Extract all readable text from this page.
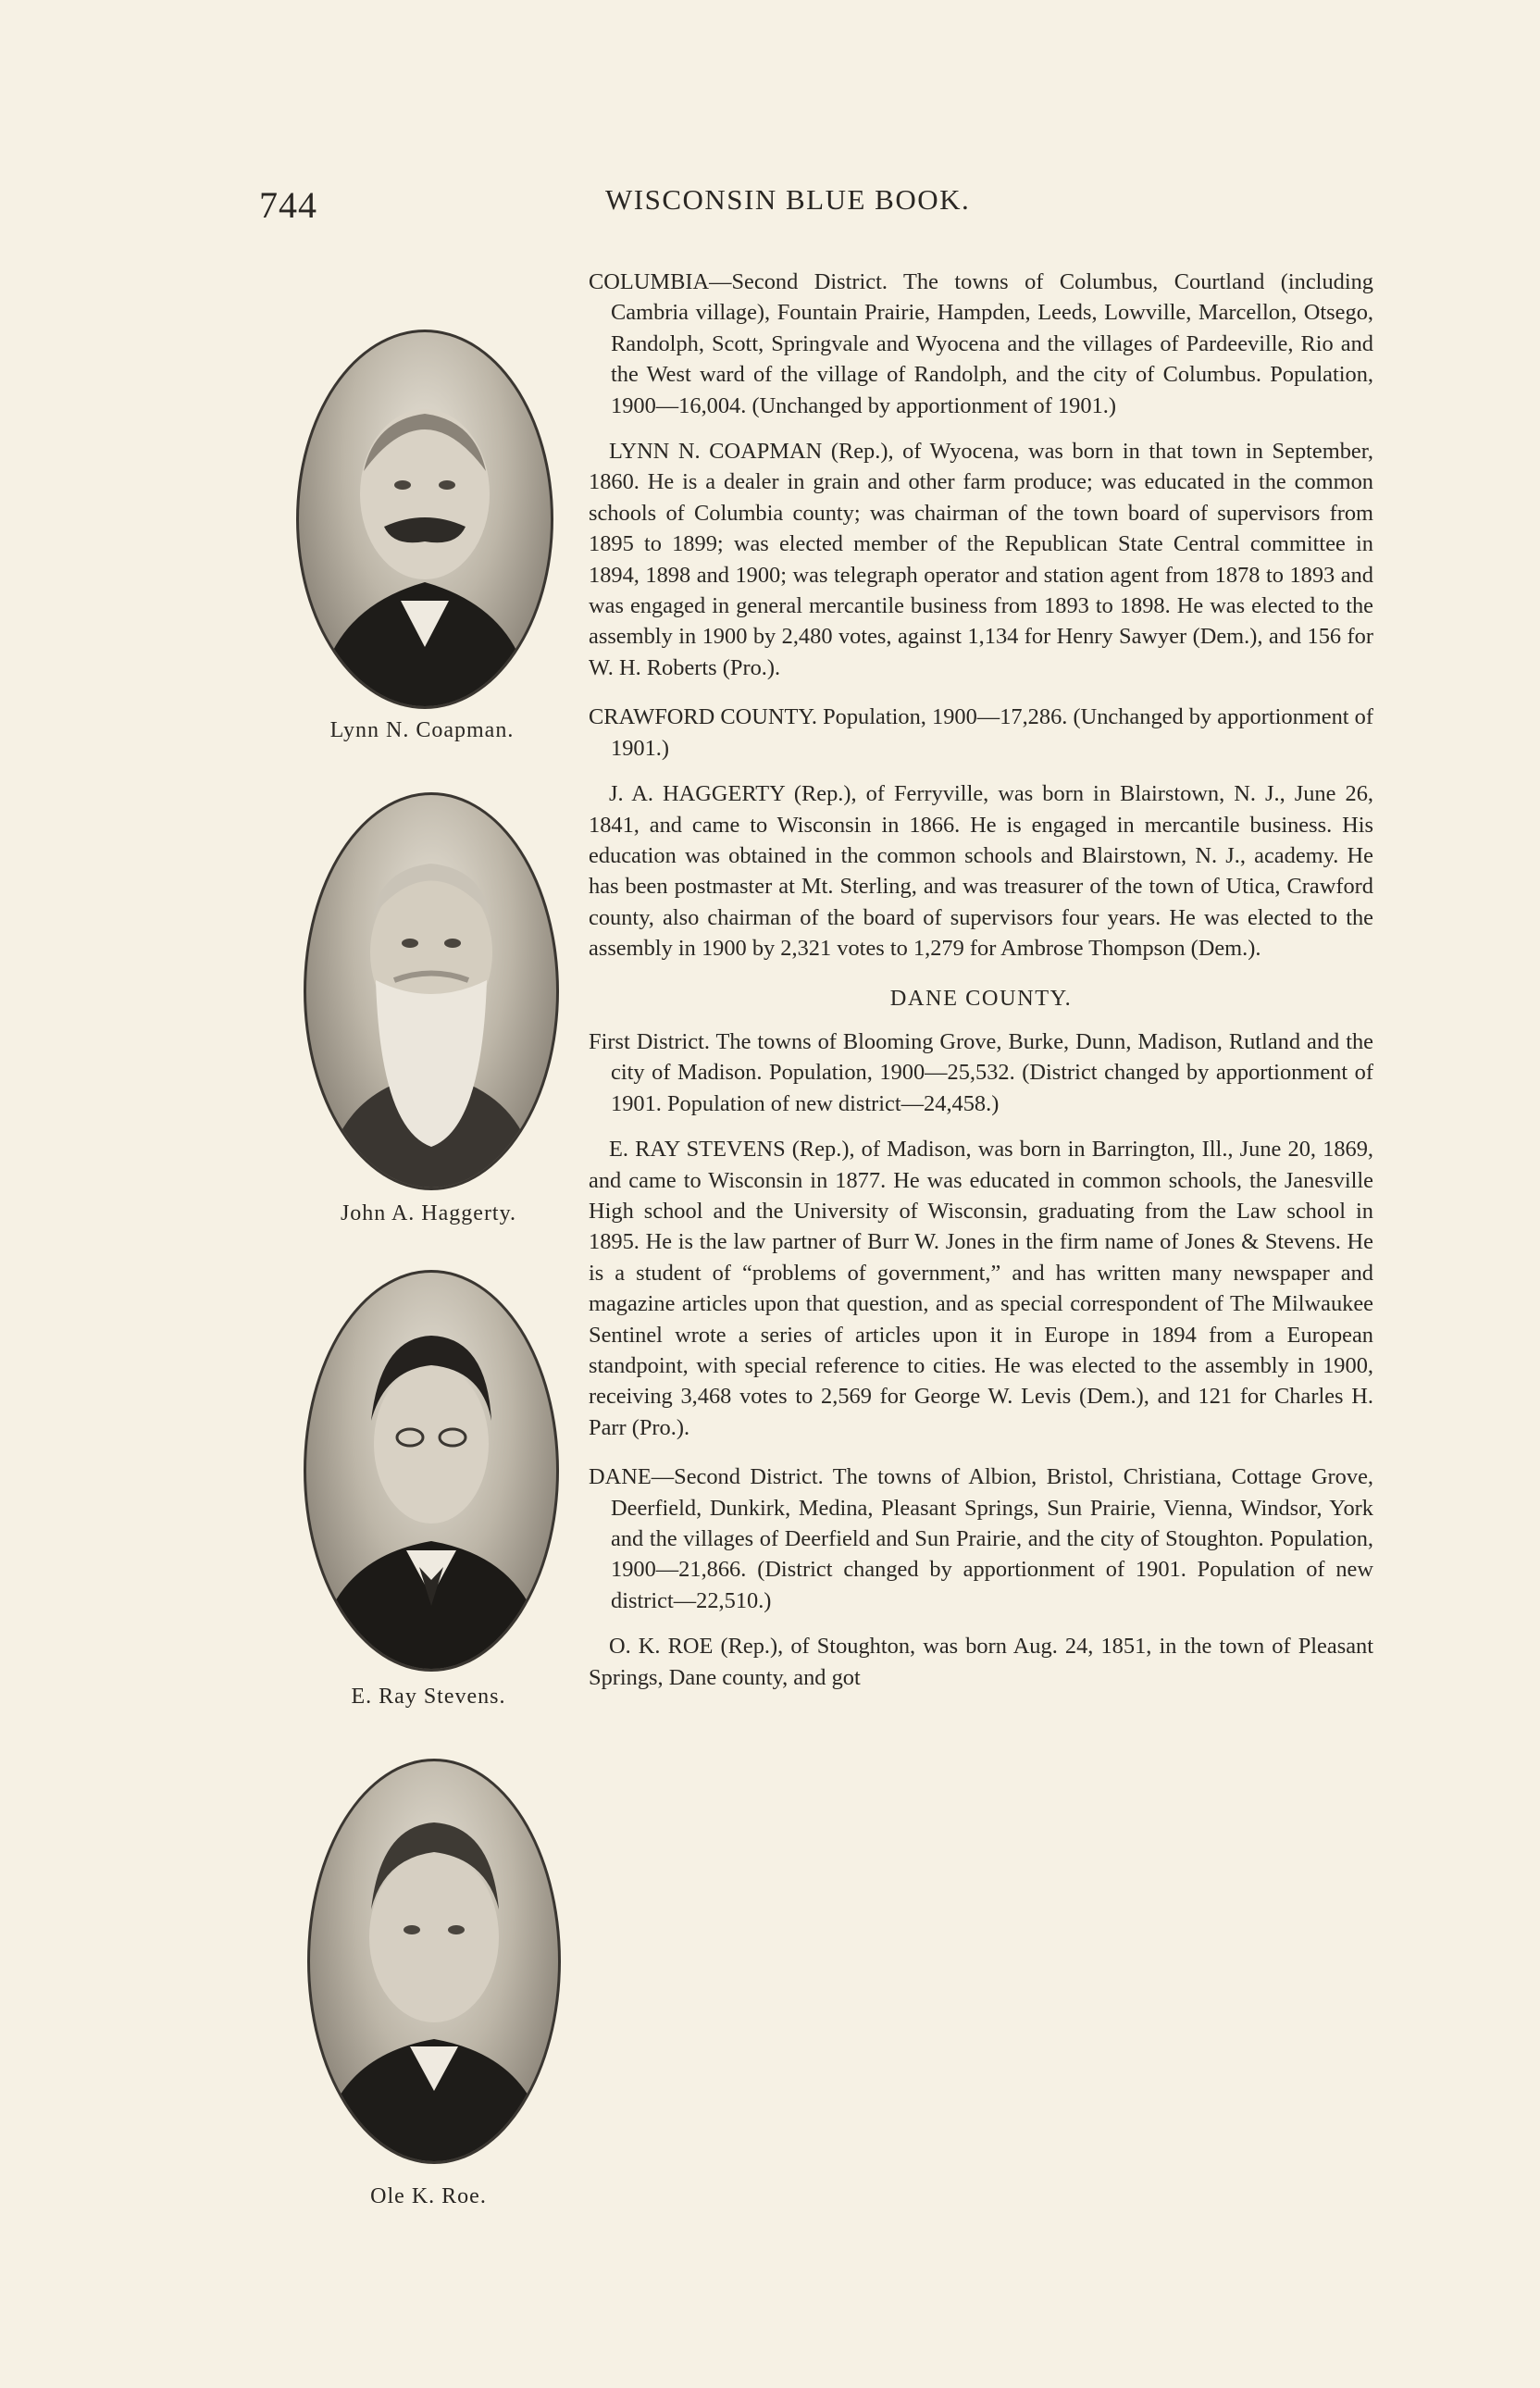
744	WISCONSIN BLUE BOOK.
Lynn N. Coapman.
John A. Haggerty.
E. Ray Stevens.
Ole K. Roe.

COLUMBIA—Second District. The towns of Columbus, Courtland (including Cambria village), Fountain Prairie, Hampden, Leeds, Lowville, Marcellon, Otsego, Randolph, Scott, Springvale and Wyocena and the villages of Pardeeville, Rio and the West ward of the village of Randolph, and the city of Columbus. Population, 1900—16,004. (Unchanged by apportionment of 1901.)

LYNN N. COAPMAN (Rep.), of Wyocena, was born in that town in September, 1860. He is a dealer in grain and other farm produce; was educated in the common schools of Columbia county; was chairman of the town board of supervisors from 1895 to 1899; was elected member of the Republican State Central committee in 1894, 1898 and 1900; was telegraph operator and station agent from 1878 to 1893 and was engaged in general mercantile business from 1893 to 1898. He was elected to the assembly in 1900 by 2,480 votes, against 1,134 for Henry Sawyer (Dem.), and 156 for W. H. Roberts (Pro.).

CRAWFORD COUNTY. Population, 1900—17,286. (Unchanged by apportionment of 1901.)

J. A. HAGGERTY (Rep.), of Ferryville, was born in Blairstown, N. J., June 26, 1841, and came to Wisconsin in 1866. He is engaged in mercantile business. His education was obtained in the common schools and Blairstown, N. J., academy. He has been postmaster at Mt. Sterling, and was treasurer of the town of Utica, Crawford county, also chairman of the board of supervisors four years. He was elected to the assembly in 1900 by 2,321 votes to 1,279 for Ambrose Thompson (Dem.).

DANE COUNTY.

First District. The towns of Blooming Grove, Burke, Dunn, Madison, Rutland and the city of Madison. Population, 1900—25,532. (District changed by apportionment of 1901. Population of new district—24,458.)

E. RAY STEVENS (Rep.), of Madison, was born in Barrington, Ill., June 20, 1869, and came to Wisconsin in 1877. He was educated in common schools, the Janesville High school and the University of Wisconsin, graduating from the Law school in 1895. He is the law partner of Burr W. Jones in the firm name of Jones & Stevens. He is a student of “problems of government,” and has written many newspaper and magazine articles upon that question, and as special correspondent of The Milwaukee Sentinel wrote a series of articles upon it in Europe in 1894 from a European standpoint, with special reference to cities. He was elected to the assembly in 1900, receiving 3,468 votes to 2,569 for George W. Levis (Dem.), and 121 for Charles H. Parr (Pro.).

DANE—Second District. The towns of Albion, Bristol, Christiana, Cottage Grove, Deerfield, Dunkirk, Medina, Pleasant Springs, Sun Prairie, Vienna, Windsor, York and the villages of Deerfield and Sun Prairie, and the city of Stoughton. Population, 1900—21,866. (District changed by apportionment of 1901. Population of new district—22,510.)

O. K. ROE (Rep.), of Stoughton, was born Aug. 24, 1851, in the town of Pleasant Springs, Dane county, and got
